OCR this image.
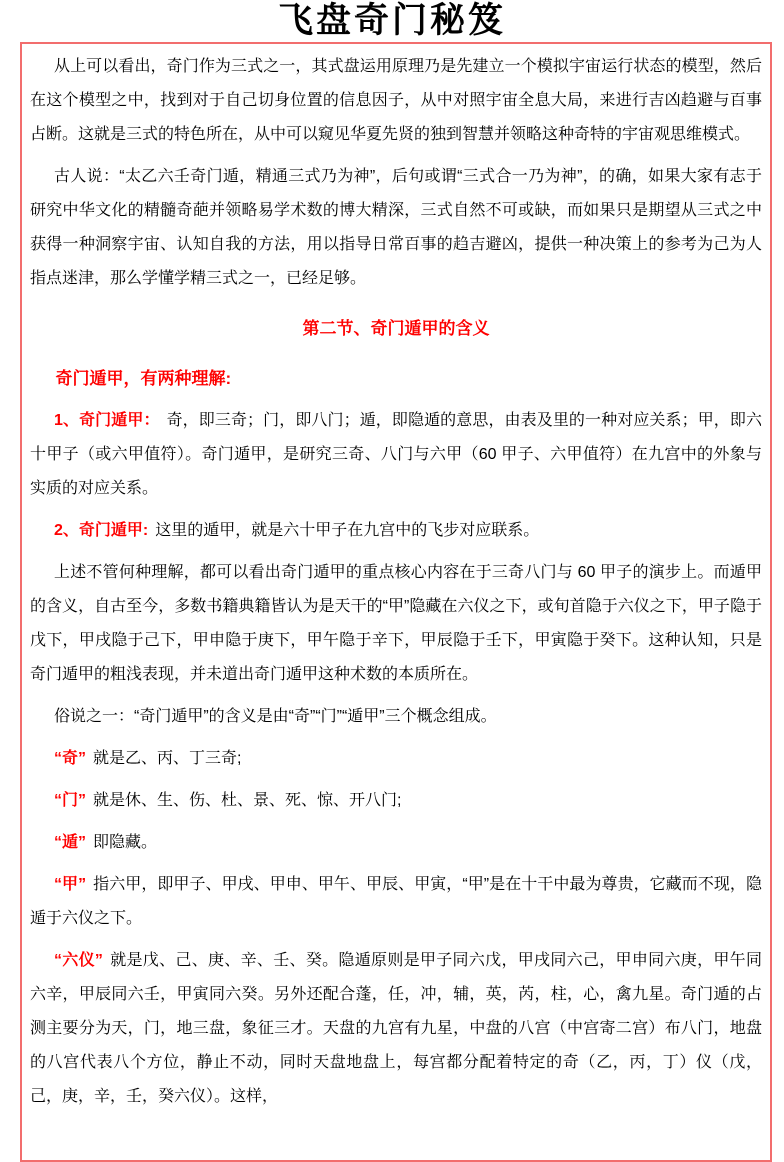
飞盘奇门秘笈

从上可以看出，奇门作为三式之一，其式盘运用原理乃是先建立一个模拟宇宙运行状态的模型，然后在这个模型之中，找到对于自己切身位置的信息因子，从中对照宇宙全息大局，来进行吉凶趋避与百事占断。这就是三式的特色所在，从中可以窥见华夏先贤的独到智慧并领略这种奇特的宇宙观思维模式。

古人说：“太乙六壬奇门遁，精通三式乃为神”，后句或谓“三式合一乃为神”，的确，如果大家有志于研究中华文化的精髓奇葩并领略易学术数的博大精深，三式自然不可或缺，而如果只是期望从三式之中获得一种洞察宇宙、认知自我的方法，用以指导日常百事的趋吉避凶，提供一种决策上的参考为己为人指点迷津，那么学懂学精三式之一，已经足够。

第二节、奇门遁甲的含义

奇门遁甲，有两种理解:

1、奇门遁甲： 奇，即三奇；门，即八门；遁，即隐遁的意思，由表及里的一种对应关系；甲，即六十甲子（或六甲值符）。奇门遁甲，是研究三奇、八门与六甲（60 甲子、六甲值符）在九宫中的外象与实质的对应关系。

2、奇门遁甲: 这里的遁甲，就是六十甲子在九宫中的飞步对应联系。

上述不管何种理解，都可以看出奇门遁甲的重点核心内容在于三奇八门与 60 甲子的演步上。而遁甲的含义，自古至今，多数书籍典籍皆认为是天干的“甲”隐藏在六仪之下，或旬首隐于六仪之下，甲子隐于戊下，甲戌隐于己下，甲申隐于庚下，甲午隐于辛下，甲辰隐于壬下，甲寅隐于癸下。这种认知，只是奇门遁甲的粗浅表现，并未道出奇门遁甲这种术数的本质所在。

俗说之一：“奇门遁甲”的含义是由“奇”“门”“遁甲”三个概念组成。

“奇” 就是乙、丙、丁三奇;

“门” 就是休、生、伤、杜、景、死、惊、开八门;

“遁” 即隐藏。

“甲” 指六甲，即甲子、甲戌、甲申、甲午、甲辰、甲寅，“甲”是在十干中最为尊贵，它藏而不现，隐遁于六仪之下。

“六仪” 就是戊、己、庚、辛、壬、癸。隐遁原则是甲子同六戊，甲戌同六己，甲申同六庚，甲午同六辛，甲辰同六壬，甲寅同六癸。另外还配合蓬，任，冲，辅，英，芮，柱，心，禽九星。奇门遁的占测主要分为天，门，地三盘，象征三才。天盘的九宫有九星，中盘的八宫（中宫寄二宫）布八门，地盘的八宫代表八个方位，静止不动，同时天盘地盘上，每宫都分配着特定的奇（乙，丙，丁）仪（戊，己，庚，辛，壬，癸六仪）。这样，
